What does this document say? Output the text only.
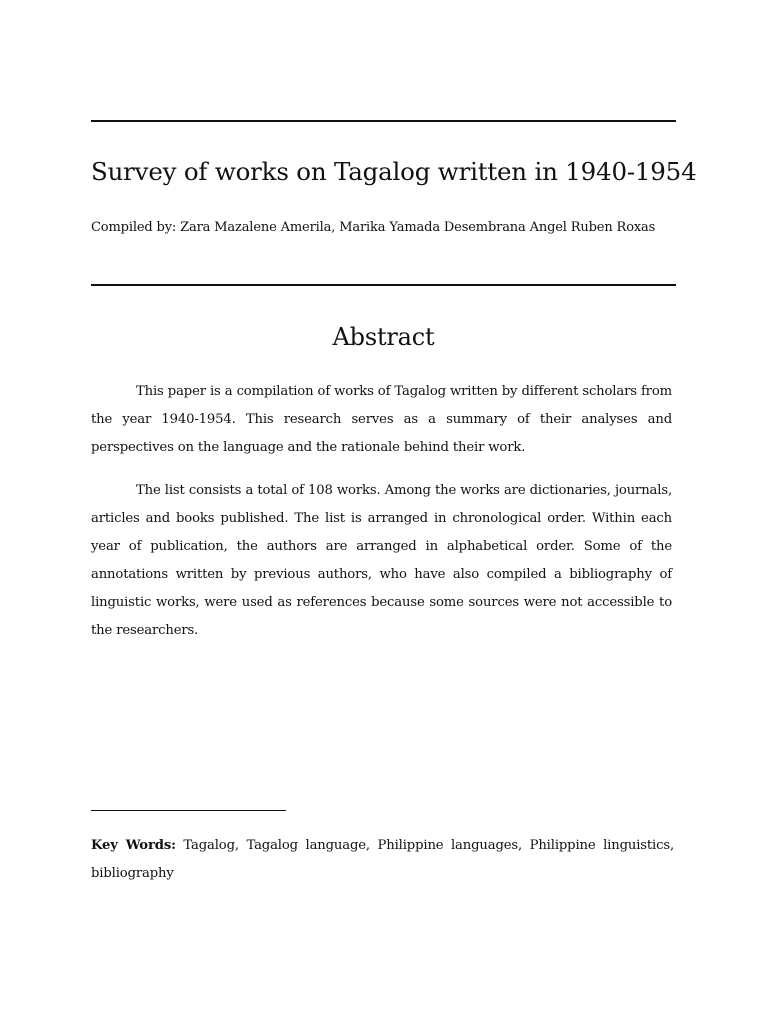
Survey of works on Tagalog written in 1940-1954
Compiled by: Zara Mazalene Amerila, Marika Yamada Desembrana Angel Ruben Roxas
Abstract

This paper is a compilation of works of Tagalog written by different scholars from the year 1940-1954. This research serves as a summary of their analyses and perspectives on the language and the rationale behind their work.

The list consists a total of 108 works. Among the works are dictionaries, journals, articles and books published. The list is arranged in chronological order. Within each year of publication, the authors are arranged in alphabetical order. Some of the annotations written by previous authors, who have also compiled a bibliography of linguistic works, were used as references because some sources were not accessible to the researchers.

Key Words: Tagalog, Tagalog language, Philippine languages, Philippine linguistics, bibliography
